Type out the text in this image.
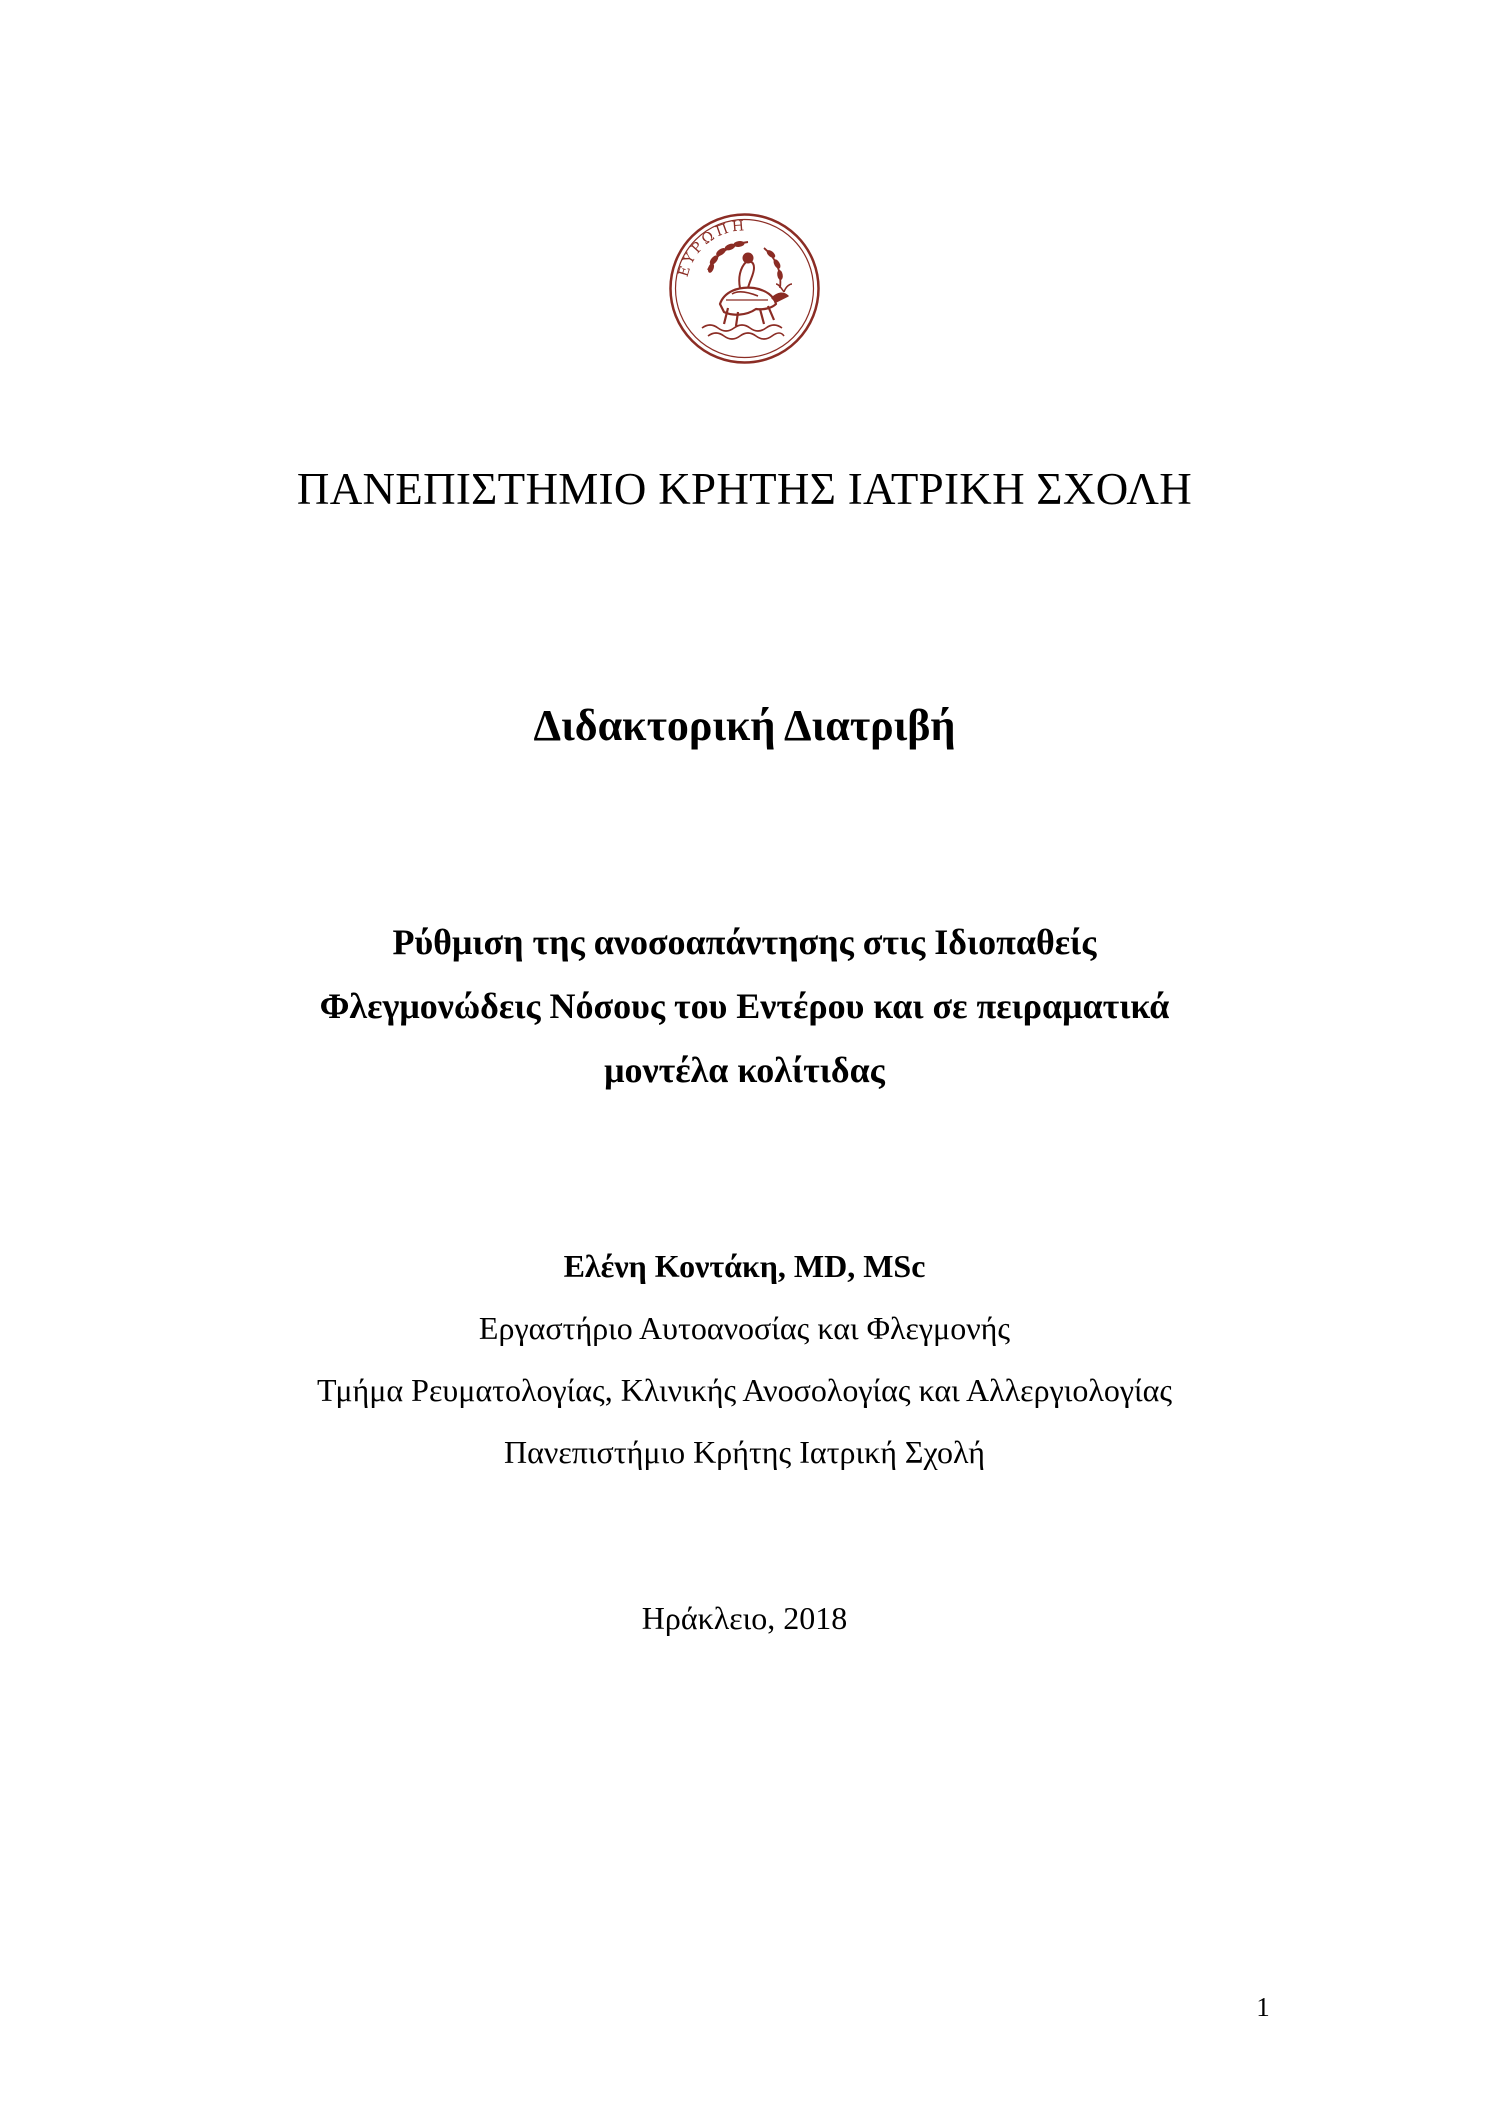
ΕΥΡΩΠΗ
ΠΑΝΕΠΙΣΤΗΜΙΟ ΚΡΗΤΗΣ ΙΑΤΡΙΚΗ ΣΧΟΛΗ
Διδακτορική Διατριβή
Ρύθμιση της ανοσοαπάντησης στις Ιδιοπαθείς
Φλεγμονώδεις Νόσους του Εντέρου και σε πειραματικά
μοντέλα κολίτιδας
Ελένη Κοντάκη, MD, MSc
Εργαστήριο Αυτοανοσίας και Φλεγμονής
Τμήμα Ρευματολογίας, Κλινικής Ανοσολογίας και Αλλεργιολογίας
Πανεπιστήμιο Κρήτης Ιατρική Σχολή
Ηράκλειο, 2018
1
